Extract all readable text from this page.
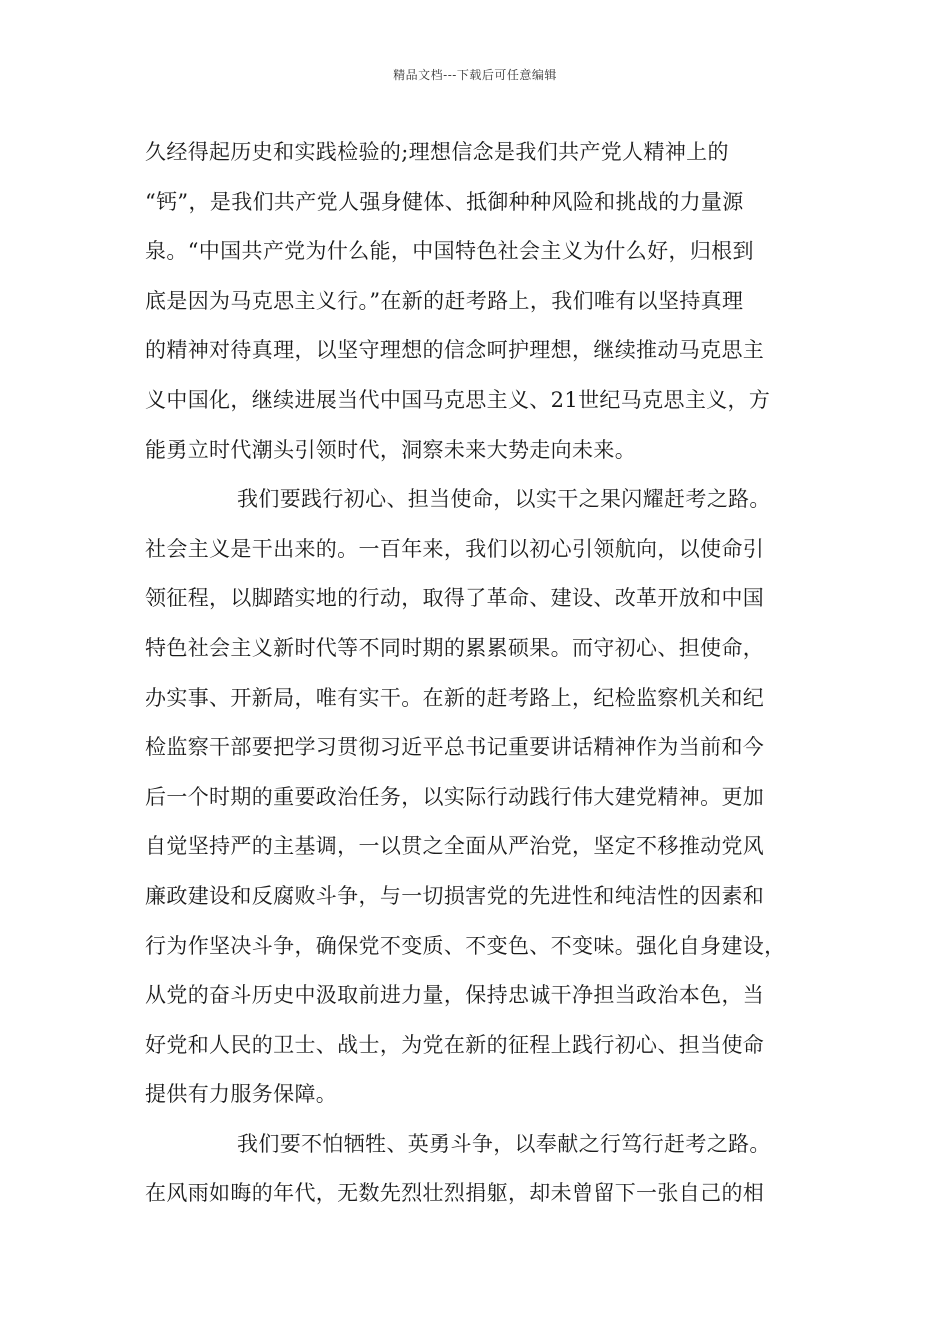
精品文档---下载后可任意编辑
久经得起历史和实践检验的;理想信念是我们共产党人精神上的
“钙”，是我们共产党人强身健体、抵御种种风险和挑战的力量源
泉。“中国共产党为什么能，中国特色社会主义为什么好，归根到
底是因为马克思主义行。”在新的赶考路上，我们唯有以坚持真理
的精神对待真理，以坚守理想的信念呵护理想，继续推动马克思主
义中国化，继续进展当代中国马克思主义、21世纪马克思主义，方
能勇立时代潮头引领时代，洞察未来大势走向未来。
我们要践行初心、担当使命，以实干之果闪耀赶考之路。
社会主义是干出来的。一百年来，我们以初心引领航向，以使命引
领征程，以脚踏实地的行动，取得了革命、建设、改革开放和中国
特色社会主义新时代等不同时期的累累硕果。而守初心、担使命，
办实事、开新局，唯有实干。在新的赶考路上，纪检监察机关和纪
检监察干部要把学习贯彻习近平总书记重要讲话精神作为当前和今
后一个时期的重要政治任务，以实际行动践行伟大建党精神。更加
自觉坚持严的主基调，一以贯之全面从严治党，坚定不移推动党风
廉政建设和反腐败斗争，与一切损害党的先进性和纯洁性的因素和
行为作坚决斗争，确保党不变质、不变色、不变味。强化自身建设，
从党的奋斗历史中汲取前进力量，保持忠诚干净担当政治本色，当
好党和人民的卫士、战士，为党在新的征程上践行初心、担当使命
提供有力服务保障。
我们要不怕牺牲、英勇斗争，以奉献之行笃行赶考之路。
在风雨如晦的年代，无数先烈壮烈捐躯，却未曾留下一张自己的相
